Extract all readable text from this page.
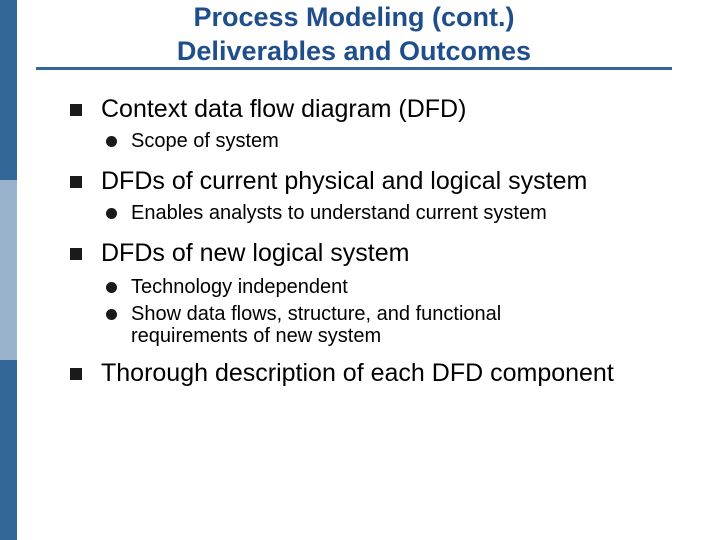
Process Modeling (cont.)
Deliverables and Outcomes
Context data flow diagram (DFD)
Scope of system
DFDs of current physical and logical system
Enables analysts to understand current system
DFDs of new logical system
Technology independent
Show data flows, structure, and functional requirements of new system
Thorough description of each DFD component
